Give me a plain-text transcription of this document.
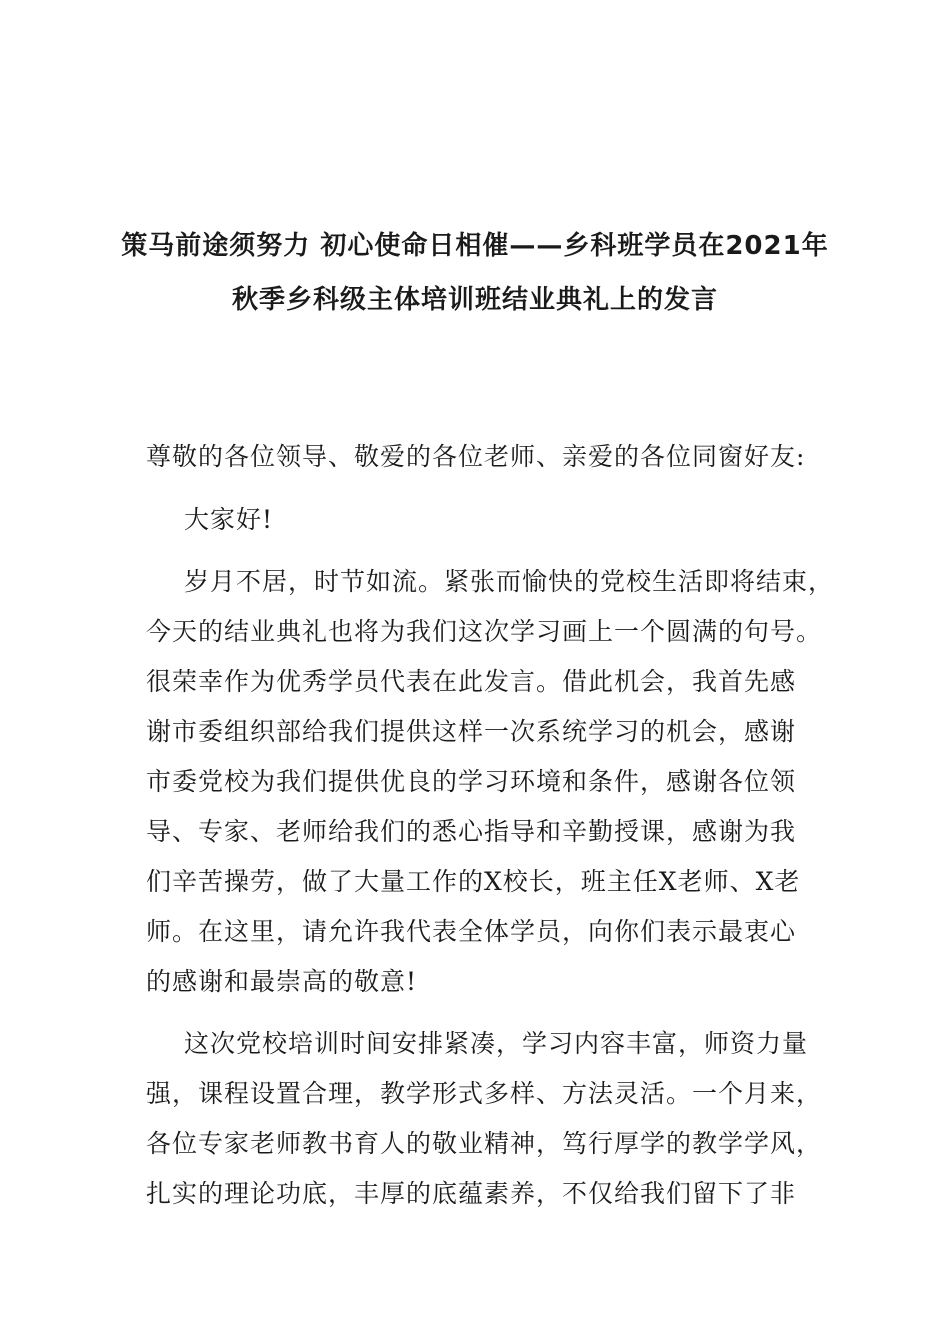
策马前途须努力 初心使命日相催——乡科班学员在2021年
秋季乡科级主体培训班结业典礼上的发言
尊敬的各位领导、敬爱的各位老师、亲爱的各位同窗好友:
大家好!
岁月不居，时节如流。紧张而愉快的党校生活即将结束，
今天的结业典礼也将为我们这次学习画上一个圆满的句号。
很荣幸作为优秀学员代表在此发言。借此机会，我首先感
谢市委组织部给我们提供这样一次系统学习的机会，感谢
市委党校为我们提供优良的学习环境和条件，感谢各位领
导、专家、老师给我们的悉心指导和辛勤授课，感谢为我
们辛苦操劳，做了大量工作的X校长，班主任X老师、X老
师。在这里，请允许我代表全体学员，向你们表示最衷心
的感谢和最崇高的敬意!
这次党校培训时间安排紧凑，学习内容丰富，师资力量
强，课程设置合理，教学形式多样、方法灵活。一个月来，
各位专家老师教书育人的敬业精神，笃行厚学的教学学风，
扎实的理论功底，丰厚的底蕴素养，不仅给我们留下了非
